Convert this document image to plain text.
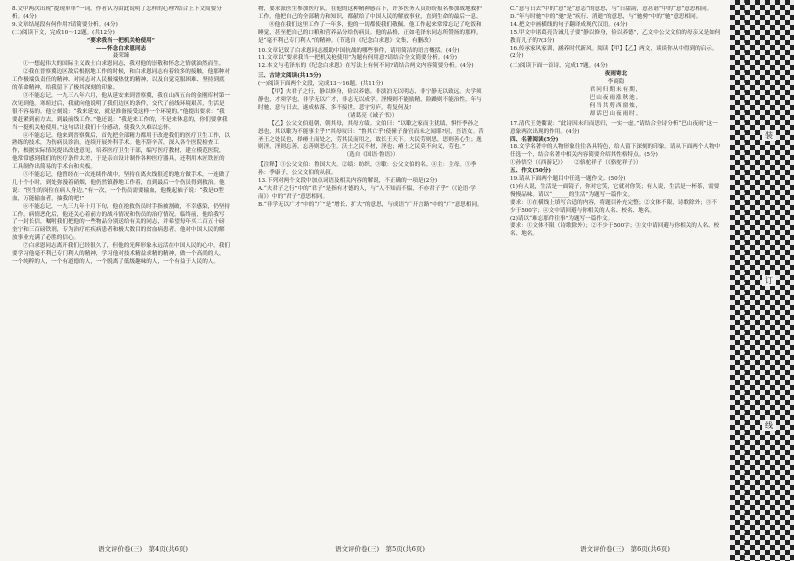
8.文中两次出现“提现单单”一词，作者认为由此说明了怎样的心理?结合上下文简要分析。(4分)

9.文章结尾段有何作用?请简要分析。(4分)

(二)阅读下文，完成10～12题。(共12分)

“要求我当一把机关枪使用”

——怀念白求恩同志

聂荣臻

①一想起伟大的国际主义战士白求恩同志，我对他的崇敬和怀念之情就油然而生。

②我在晋察冀边区敌后根据地工作的时候，和白求恩同志有着较多的接触，他那种对工作极端负责任的精神、对同志对人民极端热忱的精神，以及自觉克服困难、坚持到底的革命精神，给我留下了极其深刻的印象。

③不能忘记，一九三八年六月，他从延安来到晋察冀，我在山西五台的金刚库村第一次见到他。寒暄过后，我就向他说明了我们边区的条件，交代了前线环境艰苦，生活是很不容易的。他立刻说：“我来延安，就是准备接受这样一个环境的。”他提出要求：“我要赶紧到前方去，到最前线工作。”他还说：“我是来工作的，不是来休息的，你们要拿我当一挺机关枪使用。”这句话让我们十分感动，使我久久难以忘怀。

④不能忘记，他来到晋察冀后，首先把全部精力都用于改进我们的医疗卫生工作，以熟练的技术，为伤病员诊治，连续开展外科手术。他不辞辛苦，深入各个医院检查工作，根据实际情况提出改进意见，培养医疗卫生干部，编写医疗教材，建立模范医院，他常常感到我们的医疗条件太差，于是亲自设计制作各种医疗器具，还利用木匠铁匠的工具制作出简易的手术台和夹板。

⑤不能忘记，他曾经在一次连续作战中，坚持在离火线很近的地方做手术，一连做了几十个小时，到处弥漫着硝烟，他仍然镇静地工作着，直到最后一个伤员得到救治。他说：“医生的岗位在病人身边。”有一次，一个伤员需要输血，他挽起袖子说：“我是O型血，万能输血者，抽我的吧!”

⑥不能忘记，一九三九年十月下旬，他在抢救伤员时手指被割破，不幸感染，仍坚持工作。病情恶化后，他还关心着前方的战斗情况和伤员的治疗情况。临终前，他给我写了一封长信，嘱咐我们把他的一些物品分别送给有关的同志，并希望每年买二百五十磅奎宁和三百磅铁剂，专为治疗疟疾病患者和极大数目的贫血病患者。他对中国人民的解放事业充满了必胜的信心。

⑦白求恩同志离开我们已经很久了，但他的光辉形象永远活在中国人民的心中。我们要学习他毫不利己专门利人的精神，学习他对技术精益求精的精神，做一个高尚的人，一个纯粹的人，一个有道德的人，一个脱离了低级趣味的人，一个有益于人民的人。

物，要求派医生参加医疗队，在他的这种精神感召下，许多医务人员纷纷报名参加战地救护工作。他把自己的全部精力和知识，都献给了中国人民的解放事业，直到生命的最后一息。

⑧他在我们这里工作了一年多，他的一切都使我们敬佩。他工作起来常常忘记了吃饭和睡觉，甚至把自己的口粮和营养品分给伤病员。他的品格，正如毛泽东同志所赞扬的那样，是“毫不利己专门利人”的精神。（节选自《纪念白求恩》文集，有删改）

10.文章记叙了白求恩同志援助中国抗战的哪些事件，请用简洁的语言概括。(4分)

11.文章以“要求我当一把机关枪使用”为题有何用意?请结合全文简要分析。(4分)

12.本文与毛泽东的《纪念白求恩》在写法上有何不同?请结合两文内容简要分析。(4分)

三、古诗文阅读(共15分)

(一)阅读下面两个文段，完成13～16题。(共11分)

【甲】夫君子之行，静以修身，俭以养德。非淡泊无以明志，非宁静无以致远。夫学须静也，才须学也，非学无以广才，非志无以成学。淫慢则不能励精，险躁则不能治性。年与时驰，意与日去，遂成枯落，多不接世，悲守穷庐，将复何及!

（诸葛亮《诫子书》）

【乙】公父文伯退朝，朝其母，其母方绩。文伯曰：“以歜之家而主犹绩，惧忓季孙之怒也，其以歜为不能事主乎!”其母叹曰：“鲁其亡乎!使僮子备官而未之闻耶?居，吾语女。昔圣王之处民也，择瘠土而处之，劳其民而用之，故长王天下。夫民劳则思，思则善心生；逸则淫，淫则忘善，忘善则恶心生。沃土之民不材，淫也；瘠土之民莫不向义，劳也。”

（选自《国语·鲁语》）

【注释】①公父文伯：鲁国大夫。②绩：纺织。③歜：公父文伯的名。④主：主母。⑤季孙：季康子，公父文伯的从叔。

13.下列对两个文段中加点词语及相关内容的解说，不正确的一项是(2分)

A.“夫君子之行”中的“君子”是指有才德的人，与“人不知而不愠，不亦君子乎”（《论语·学而》）中的“君子”意思相同。

B.“非学无以广才”中的“广”是“增长、扩大”的意思，与成语“广开言路”中的“广”意思相同。

C.“意与日去”中的“意”是“意志”的意思，与“日甜韵，意甚谐”中的“意”意思相同。

D.“年与时驰”中的“驰”是“疾行、消逝”的意思，与“驰骋”中的“驰”意思相同。

14.把文中画横线的句子翻译成现代汉语。(4分)

15.甲文中诸葛亮告诫儿子要“静以修身，俭以养德”，乙文中公父文伯的母亲又是如何教育儿子的?(3分)

16.传承家风家训，涵养时代新风。阅读【甲】【乙】两文，谈谈你从中得到的启示。(2分)

(二)阅读下面一首诗，完成17题。(4分)

夜雨寄北

李商隐

君问归期未有期，

巴山夜雨涨秋池。

何当共剪西窗烛，

却话巴山夜雨时。

17.清代王尧衢说：“此诗因未归而思归，一实一虚。”请结合全诗分析“巴山夜雨”这一意象两次出现的作用。(4分)

四、名著阅读(5分)

18.文学名著中的人物形象往往各具特色，给人留下深刻的印象。请从下面两个人物中任选一个，结合名著中相关内容简要介绍其性格特点。(5分)

①孙悟空（《西游记》）　　②骆驼祥子（《骆驼祥子》）

五、作文(50分)

19.请从下面两个题目中任选一题作文。(50分)

(1)有人说，生活是一面镜子，你对它笑，它就对你笑；有人说，生活是一杯茶，需要慢慢品味。请以“______的生活”为题写一篇作文。

要求：①在横线上填写合适的内容，将题目补充完整；②文体不限，诗歌除外；③不少于500字；④文中请回避与你相关的人名、校名、地名。

(2)请以“难忘那件往事”为题写一篇作文。

要求：①文体不限（诗歌除外）；②不少于500字；③文中请回避与你相关的人名、校名、地名。

语文评价卷(三)　第4页(共6页)	语文评价卷(三)　第5页(共6页)	语文评价卷(三)　第6页(共6页)
装
订
线
